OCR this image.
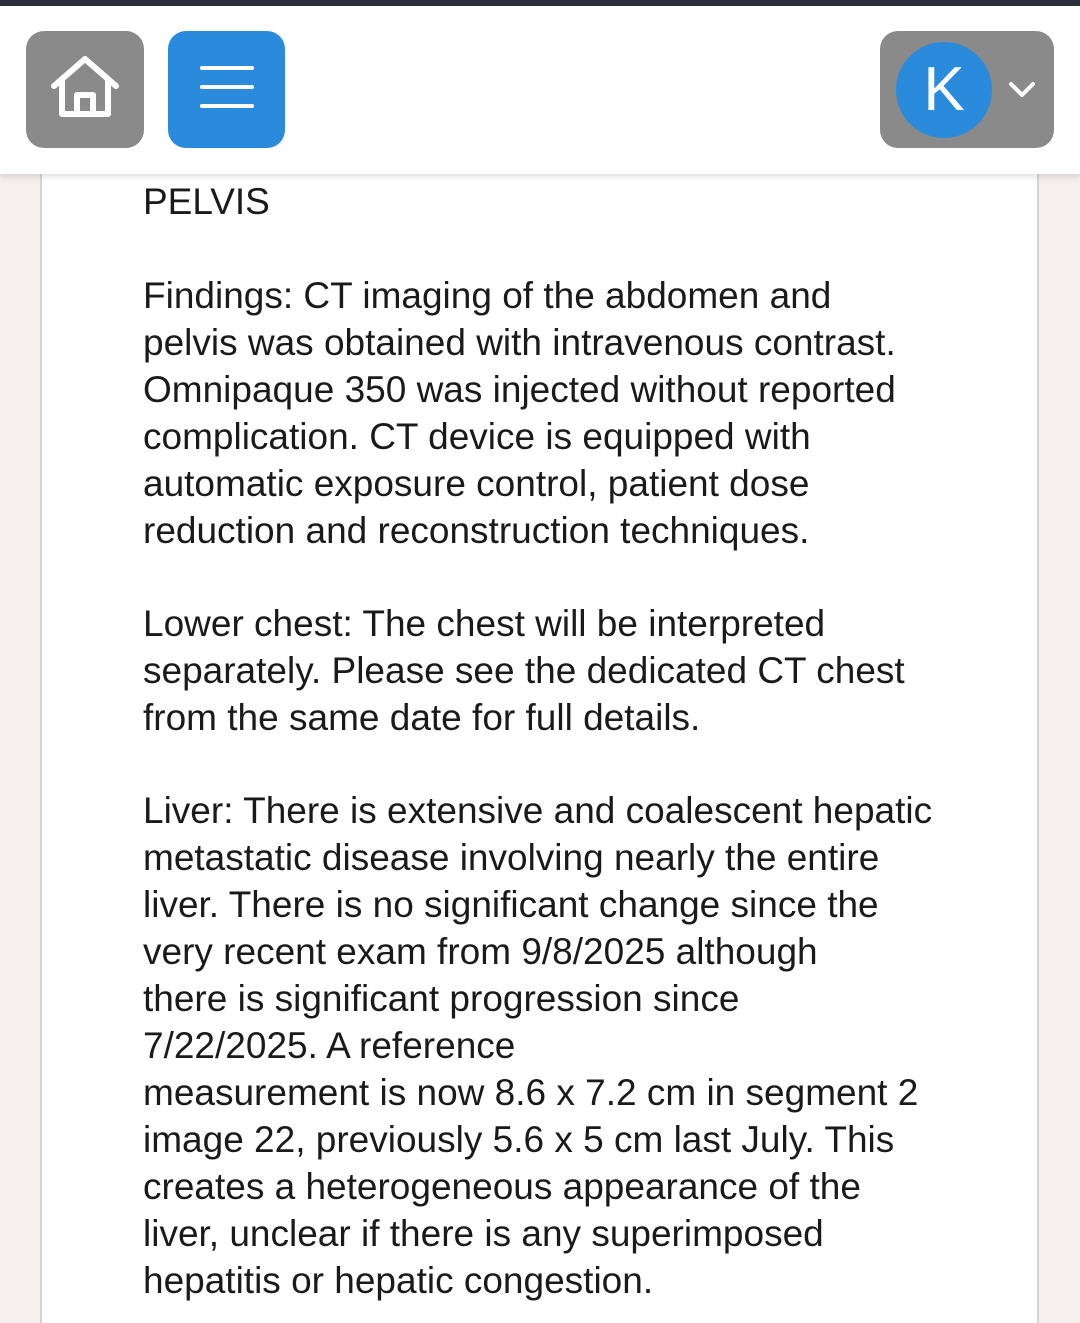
PELVIS

Findings: CT imaging of the abdomen and
pelvis was obtained with intravenous contrast.
Omnipaque 350 was injected without reported
complication. CT device is equipped with
automatic exposure control, patient dose
reduction and reconstruction techniques.

Lower chest: The chest will be interpreted
separately. Please see the dedicated CT chest
from the same date for full details.

Liver: There is extensive and coalescent hepatic
metastatic disease involving nearly the entire
liver. There is no significant change since the
very recent exam from 9/8/2025 although
there is significant progression since
7/22/2025. A reference
measurement is now 8.6 x 7.2 cm in segment 2
image 22, previously 5.6 x 5 cm last July. This
creates a heterogeneous appearance of the
liver, unclear if there is any superimposed
hepatitis or hepatic congestion.

K
